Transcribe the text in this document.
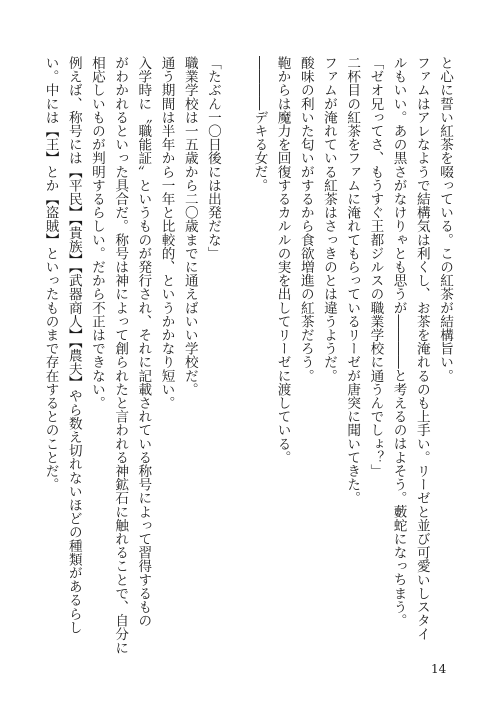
と心に誓い紅茶を啜っている。この紅茶が結構旨い。
ファムはアレなようで結構気は利くし、お茶を淹れるのも上手い。リーゼと並び可愛いしスタイ
ルもいい。あの黒さがなけりゃとも思うが――――と考えるのはよそう。藪蛇になっちまう。
「ゼオ兄ってさ、もうすぐ王都ジルスの職業学校に通うんでしょ？」
二杯目の紅茶をファムに淹れてもらっているリーゼが唐突に聞いてきた。
ファムが淹れている紅茶はさっきのとは違うようだ。
酸味の利いた匂いがするから食欲増進の紅茶だろう。
鞄からは魔力を回復するカルルの実を出してリーゼに渡している。
――――デキる女だ。

「たぶん一〇日後には出発だな」
職業学校は一五歳から二〇歳までに通えばいい学校だ。
通う期間は半年から一年と比較的、というかかなり短い。
入学時に〝職能証〟というものが発行され、それに記載されている称号によって習得するもの
がわかれるといった具合だ。称号は神によって創られたと言われる神鉱石に触れることで、自分に
相応しいものが判明するらしい。だから不正はできない。
例えば、称号には【平民】【貴族】【武器商人】【農夫】やら数え切れないほどの種類があるらし
い。中には【王】とか【盗賊】といったものまで存在するとのことだ。
14
